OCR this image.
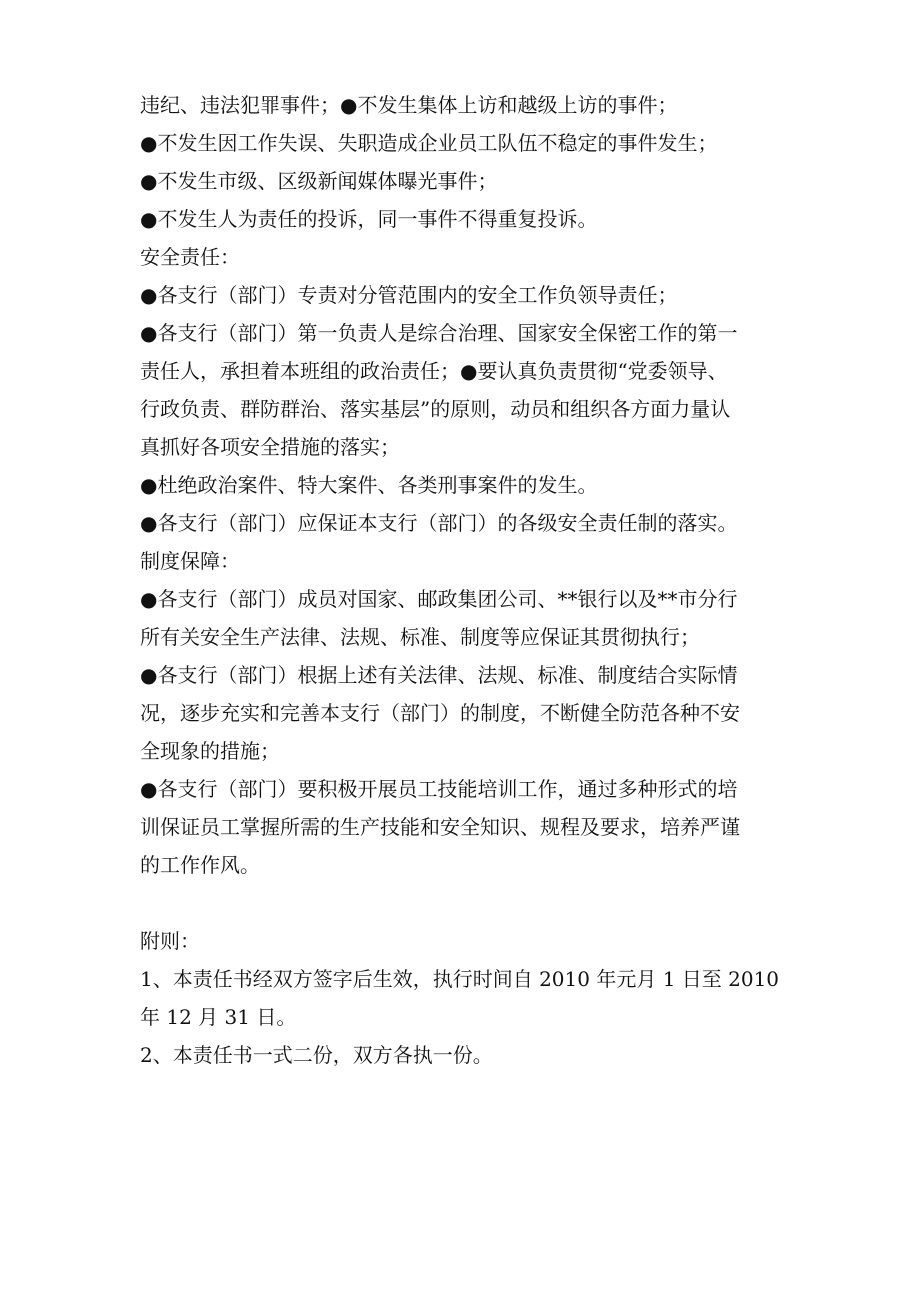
违纪、违法犯罪事件；●不发生集体上访和越级上访的事件；

●不发生因工作失误、失职造成企业员工队伍不稳定的事件发生；

●不发生市级、区级新闻媒体曝光事件；

●不发生人为责任的投诉，同一事件不得重复投诉。

安全责任：

●各支行（部门）专责对分管范围内的安全工作负领导责任；

●各支行（部门）第一负责人是综合治理、国家安全保密工作的第一

责任人，承担着本班组的政治责任；●要认真负责贯彻“党委领导、

行政负责、群防群治、落实基层”的原则，动员和组织各方面力量认

真抓好各项安全措施的落实；

●杜绝政治案件、特大案件、各类刑事案件的发生。

●各支行（部门）应保证本支行（部门）的各级安全责任制的落实。

制度保障：

●各支行（部门）成员对国家、邮政集团公司、**银行以及**市分行

所有关安全生产法律、法规、标准、制度等应保证其贯彻执行；

●各支行（部门）根据上述有关法律、法规、标准、制度结合实际情

况，逐步充实和完善本支行（部门）的制度，不断健全防范各种不安

全现象的措施；

●各支行（部门）要积极开展员工技能培训工作，通过多种形式的培

训保证员工掌握所需的生产技能和安全知识、规程及要求，培养严谨

的工作作风。

附则：

1、本责任书经双方签字后生效，执行时间自 2010 年元月 1 日至 2010

年 12 月 31 日。

2、本责任书一式二份，双方各执一份。
